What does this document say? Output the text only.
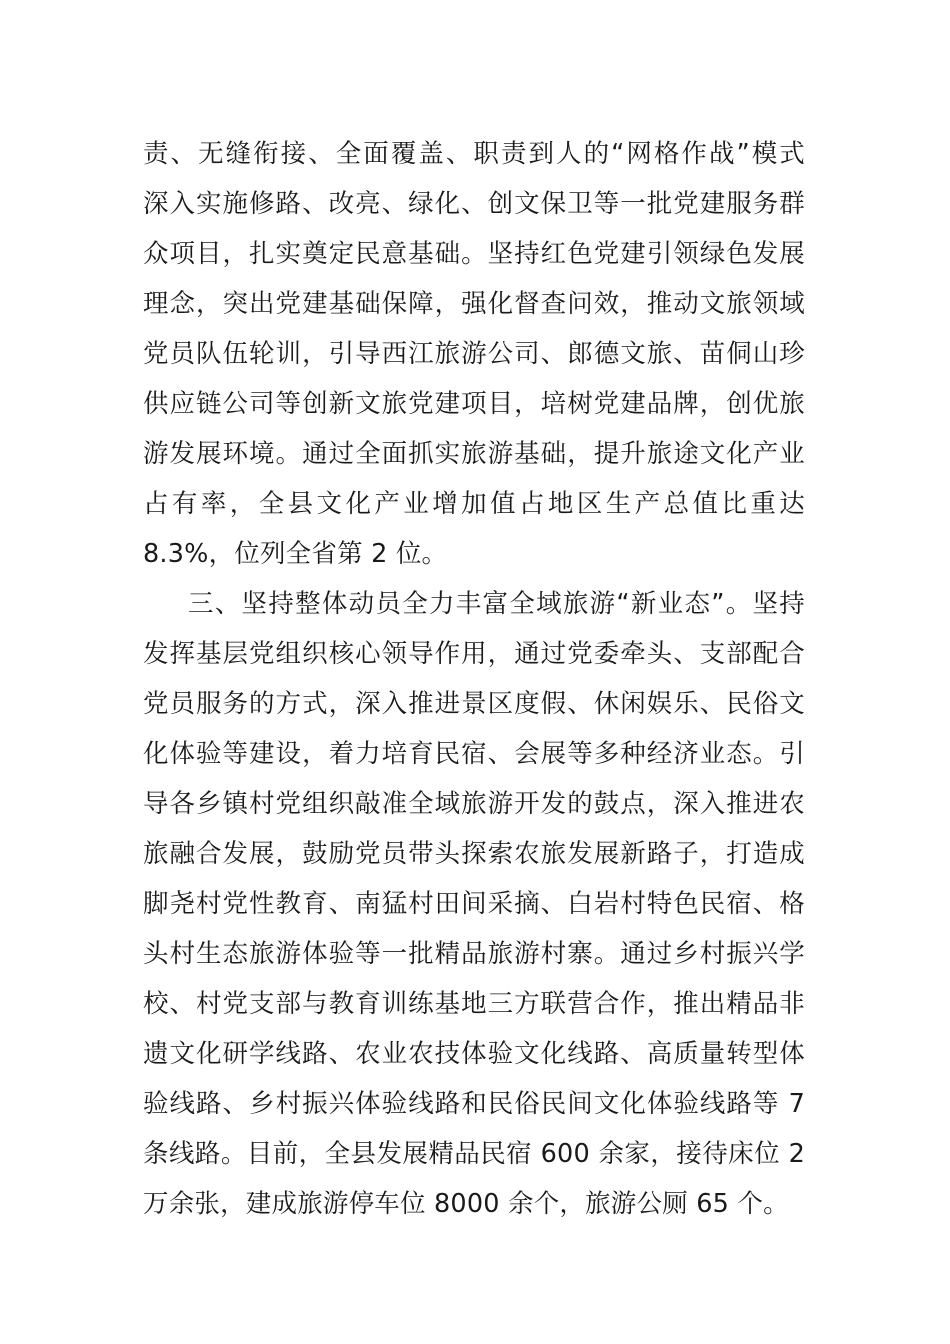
责、无缝衔接、全面覆盖、职责到人的“网格作战”模式
深入实施修路、改亮、绿化、创文保卫等一批党建服务群
众项目，扎实奠定民意基础。坚持红色党建引领绿色发展
理念，突出党建基础保障，强化督查问效，推动文旅领域
党员队伍轮训，引导西江旅游公司、郎德文旅、苗侗山珍
供应链公司等创新文旅党建项目，培树党建品牌，创优旅
游发展环境。通过全面抓实旅游基础，提升旅途文化产业
占有率，全县文化产业增加值占地区生产总值比重达
8.3%，位列全省第 2 位。
三、坚持整体动员全力丰富全域旅游“新业态”。坚持
发挥基层党组织核心领导作用，通过党委牵头、支部配合
党员服务的方式，深入推进景区度假、休闲娱乐、民俗文
化体验等建设，着力培育民宿、会展等多种经济业态。引
导各乡镇村党组织敲准全域旅游开发的鼓点，深入推进农
旅融合发展，鼓励党员带头探索农旅发展新路子，打造成
脚尧村党性教育、南猛村田间采摘、白岩村特色民宿、格
头村生态旅游体验等一批精品旅游村寨。通过乡村振兴学
校、村党支部与教育训练基地三方联营合作，推出精品非
遗文化研学线路、农业农技体验文化线路、高质量转型体
验线路、乡村振兴体验线路和民俗民间文化体验线路等 7
条线路。目前，全县发展精品民宿 600 余家，接待床位 2
万余张，建成旅游停车位 8000 余个，旅游公厕 65 个。
